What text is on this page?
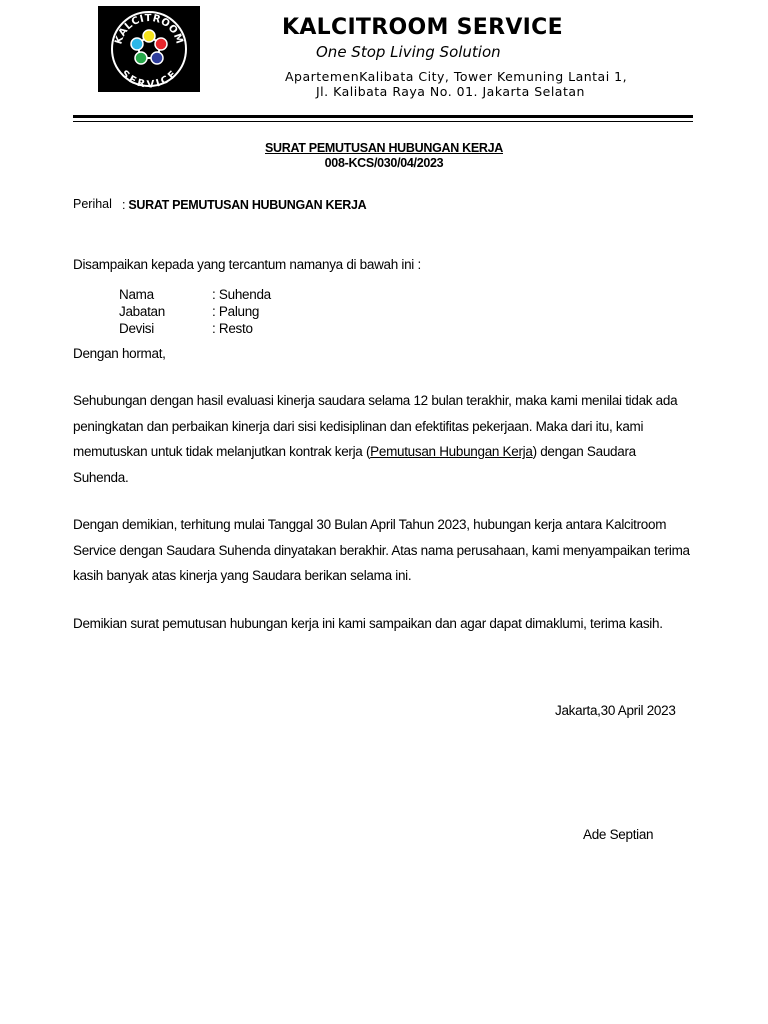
KALCITROOM
SERVICE
KALCITROOM SERVICE
One Stop Living Solution
ApartemenKalibata City, Tower Kemuning Lantai 1,
Jl. Kalibata Raya No. 01. Jakarta Selatan
SURAT PEMUTUSAN HUBUNGAN KERJA
008-KCS/030/04/2023
Perihal : SURAT PEMUTUSAN HUBUNGAN KERJA
Disampaikan kepada yang tercantum namanya di bawah ini :
Nama	: Suhenda
Jabatan	: Palung
Devisi	: Resto
Dengan hormat,
Sehubungan dengan hasil evaluasi kinerja saudara selama 12 bulan terakhir, maka kami menilai tidak ada peningkatan dan perbaikan kinerja dari sisi kedisiplinan dan efektifitas pekerjaan. Maka dari itu, kami memutuskan untuk tidak melanjutkan kontrak kerja (Pemutusan Hubungan Kerja) dengan Saudara Suhenda.
Dengan demikian, terhitung mulai Tanggal 30 Bulan April Tahun 2023, hubungan kerja antara Kalcitroom Service dengan Saudara Suhenda dinyatakan berakhir. Atas nama perusahaan, kami menyampaikan terima kasih banyak atas kinerja yang Saudara berikan selama ini.
Demikian surat pemutusan hubungan kerja ini kami sampaikan dan agar dapat dimaklumi, terima kasih.
Jakarta,30 April 2023
Ade Septian
